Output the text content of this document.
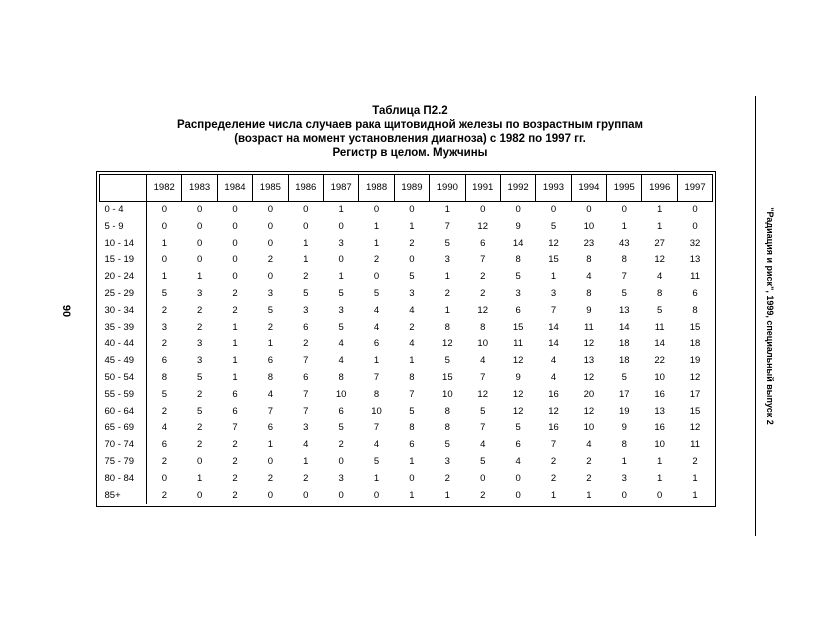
Таблица П2.2
Распределение числа случаев рака щитовидной железы по возрастным группам
(возраст на момент установления диагноза) с 1982 по 1997 гг.
Регистр в целом. Мужчины
90	"Радиация и риск", 1999, специальный выпуск 2
	1982	1983	1984	1985	1986	1987	1988	1989	1990	1991	1992	1993	1994	1995	1996	1997
0 - 4	0	0	0	0	0	1	0	0	1	0	0	0	0	0	1	0
5 - 9	0	0	0	0	0	0	1	1	7	12	9	5	10	1	1	0
10 - 14	1	0	0	0	1	3	1	2	5	6	14	12	23	43	27	32
15 - 19	0	0	0	2	1	0	2	0	3	7	8	15	8	8	12	13
20 - 24	1	1	0	0	2	1	0	5	1	2	5	1	4	7	4	11
25 - 29	5	3	2	3	5	5	5	3	2	2	3	3	8	5	8	6
30 - 34	2	2	2	5	3	3	4	4	1	12	6	7	9	13	5	8
35 - 39	3	2	1	2	6	5	4	2	8	8	15	14	11	14	11	15
40 - 44	2	3	1	1	2	4	6	4	12	10	11	14	12	18	14	18
45 - 49	6	3	1	6	7	4	1	1	5	4	12	4	13	18	22	19
50 - 54	8	5	1	8	6	8	7	8	15	7	9	4	12	5	10	12
55 - 59	5	2	6	4	7	10	8	7	10	12	12	16	20	17	16	17
60 - 64	2	5	6	7	7	6	10	5	8	5	12	12	12	19	13	15
65 - 69	4	2	7	6	3	5	7	8	8	7	5	16	10	9	16	12
70 - 74	6	2	2	1	4	2	4	6	5	4	6	7	4	8	10	11
75 - 79	2	0	2	0	1	0	5	1	3	5	4	2	2	1	1	2
80 - 84	0	1	2	2	2	3	1	0	2	0	0	2	2	3	1	1
85+	2	0	2	0	0	0	0	1	1	2	0	1	1	0	0	1
